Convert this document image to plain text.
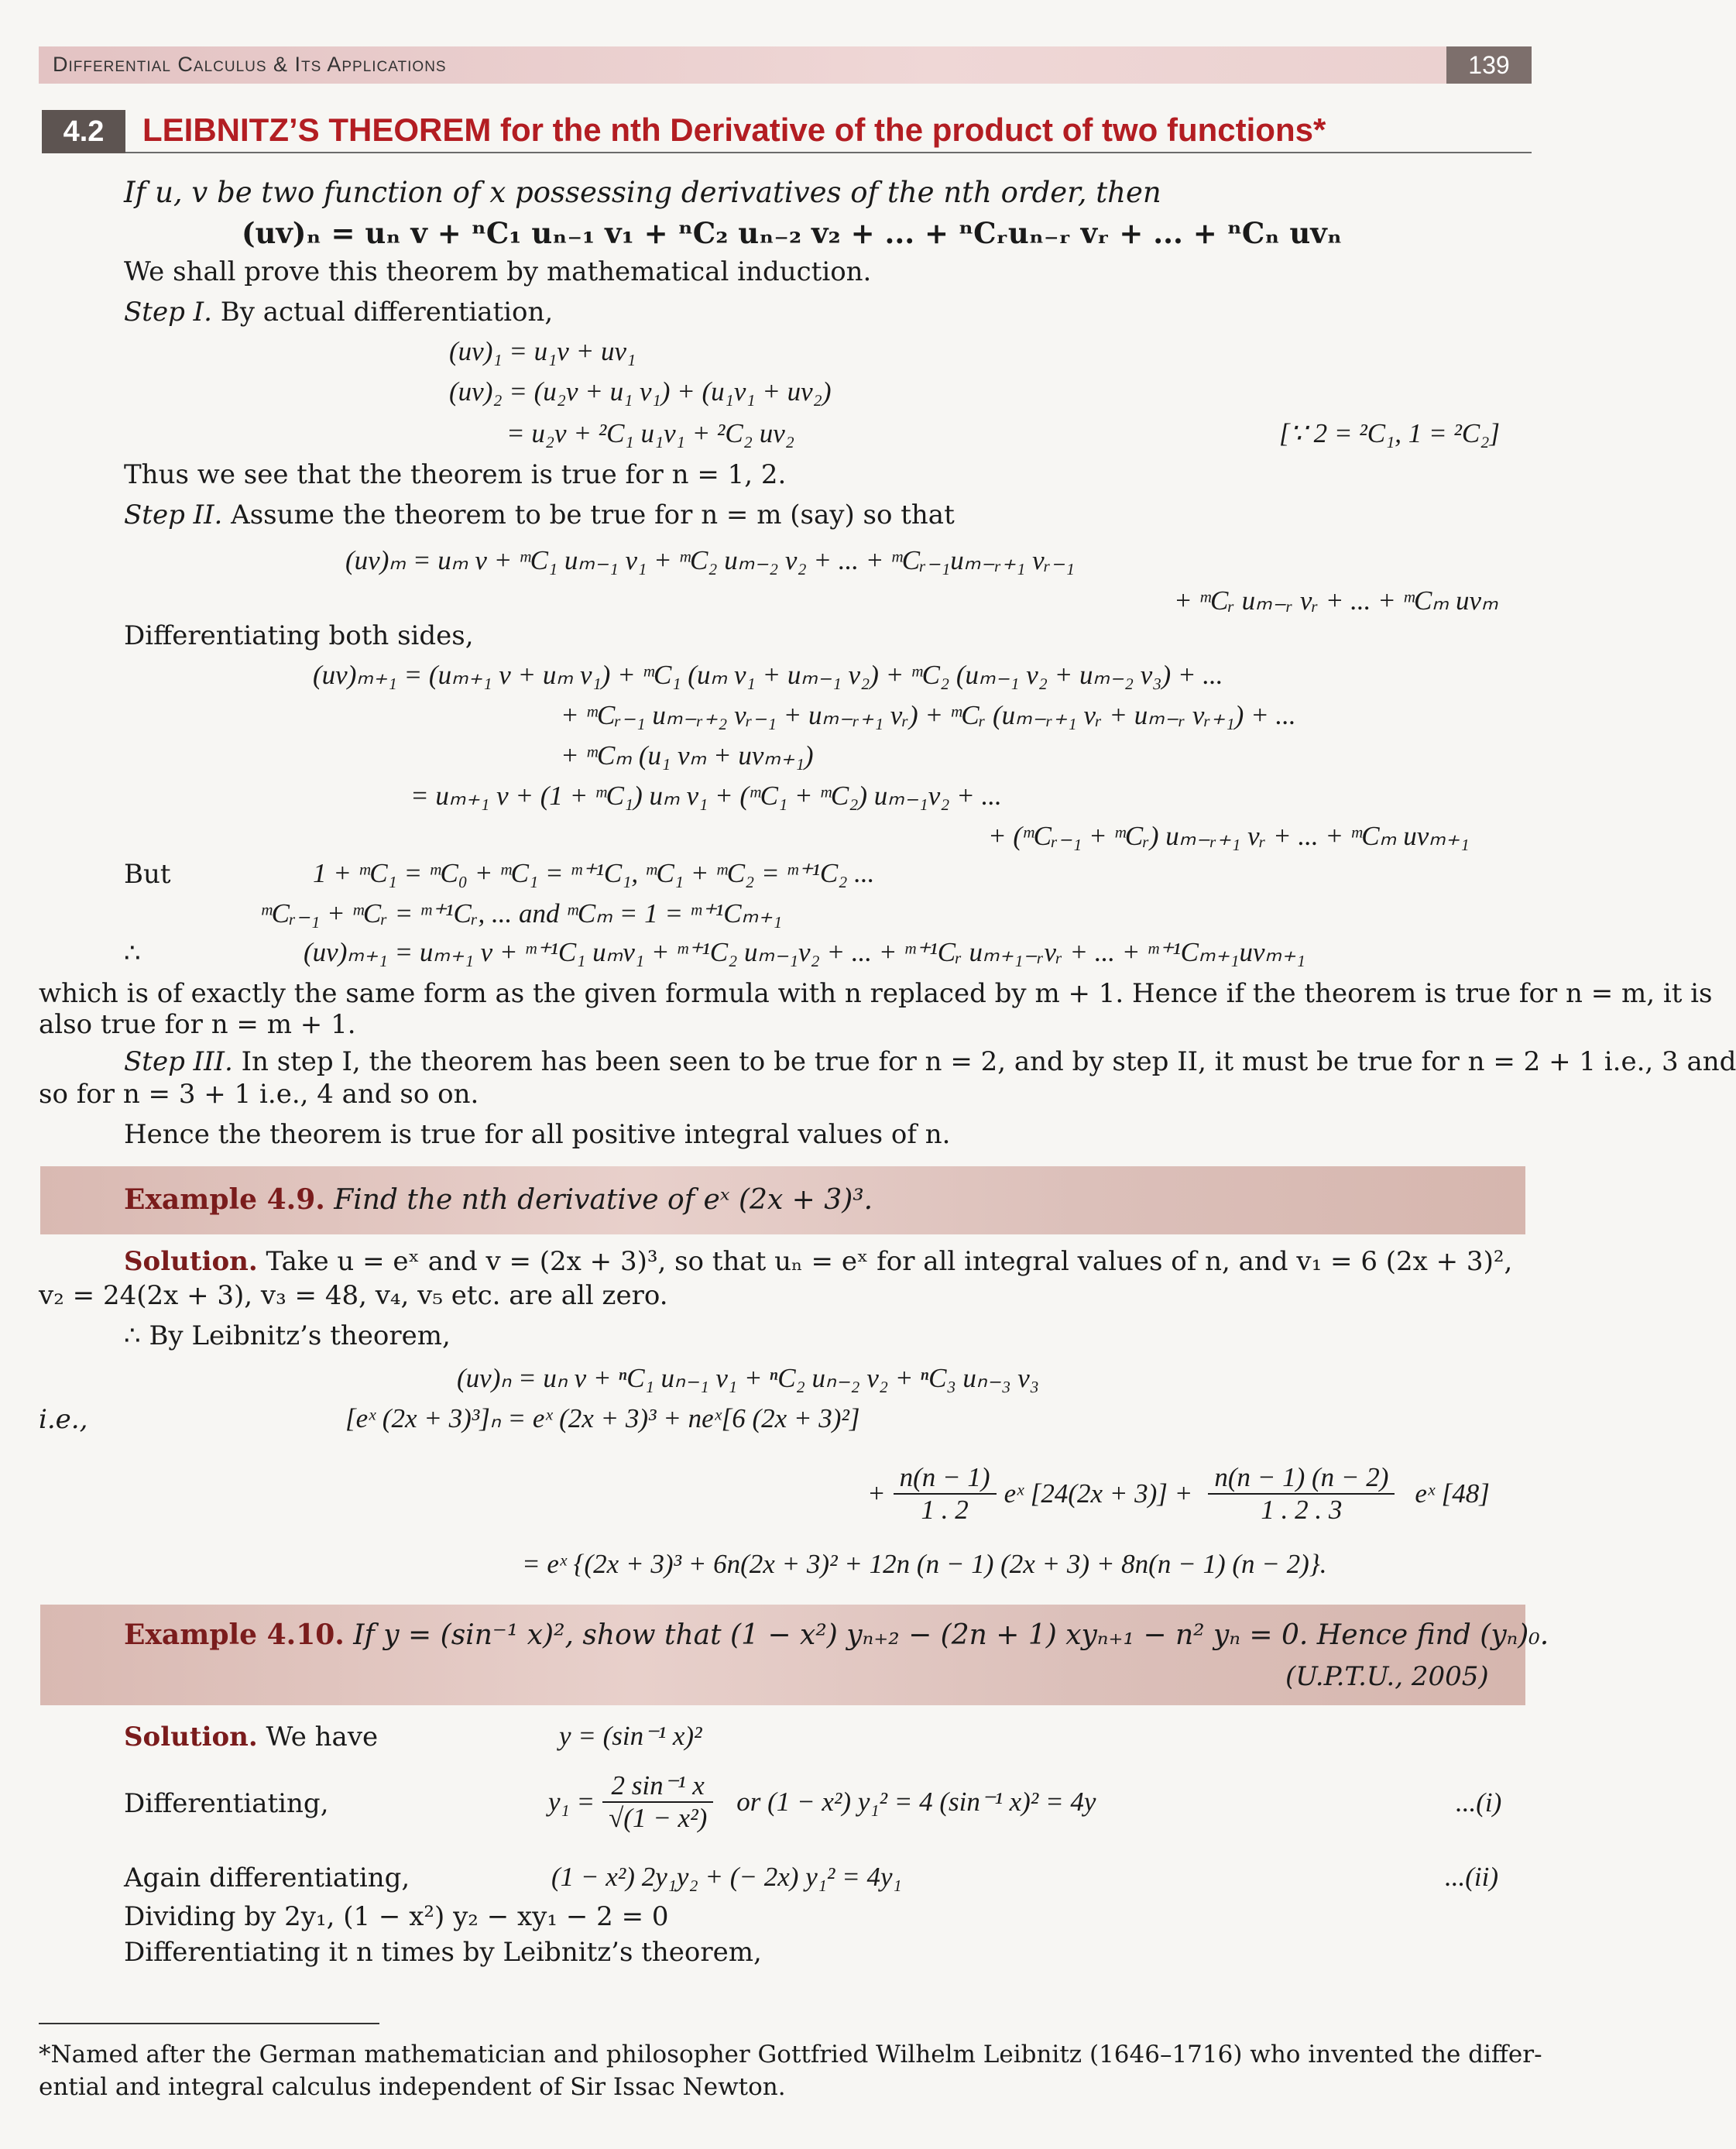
Differential Calculus & Its Applications	139
4.2	LEIBNITZ’S THEOREM for the nth Derivative of the product of two functions*
If u, v be two function of x possessing derivatives of the nth order, then
(uv)ₙ = uₙ v + ⁿC₁ uₙ₋₁ v₁ + ⁿC₂ uₙ₋₂ v₂ + ... + ⁿCᵣuₙ₋ᵣ vᵣ + ... + ⁿCₙ uvₙ
We shall prove this theorem by mathematical induction.
Step I. By actual differentiation,
(uv)₁ = u₁v + uv₁
(uv)₂ = (u₂v + u₁ v₁) + (u₁v₁ + uv₂)
= u₂v + ²C₁ u₁v₁ + ²C₂ uv₂	[∵ 2 = ²C₁, 1 = ²C₂]
Thus we see that the theorem is true for n = 1, 2.
Step II. Assume the theorem to be true for n = m (say) so that
(uv)ₘ = uₘ v + ᵐC₁ uₘ₋₁ v₁ + ᵐC₂ uₘ₋₂ v₂ + ... + ᵐCᵣ₋₁uₘ₋ᵣ₊₁ vᵣ₋₁
+ ᵐCᵣ uₘ₋ᵣ vᵣ + ... + ᵐCₘ uvₘ
Differentiating both sides,
(uv)ₘ₊₁ = (uₘ₊₁ v + uₘ v₁) + ᵐC₁ (uₘ v₁ + uₘ₋₁ v₂) + ᵐC₂ (uₘ₋₁ v₂ + uₘ₋₂ v₃) + ...
+ ᵐCᵣ₋₁ uₘ₋ᵣ₊₂ vᵣ₋₁ + uₘ₋ᵣ₊₁ vᵣ) + ᵐCᵣ (uₘ₋ᵣ₊₁ vᵣ + uₘ₋ᵣ vᵣ₊₁) + ...
+ ᵐCₘ (u₁ vₘ + uvₘ₊₁)
= uₘ₊₁ v + (1 + ᵐC₁) uₘ v₁ + (ᵐC₁ + ᵐC₂) uₘ₋₁v₂ + ...
+ (ᵐCᵣ₋₁ + ᵐCᵣ) uₘ₋ᵣ₊₁ vᵣ + ... + ᵐCₘ uvₘ₊₁
But	1 + ᵐC₁ = ᵐC₀ + ᵐC₁ = ᵐ⁺¹C₁, ᵐC₁ + ᵐC₂ = ᵐ⁺¹C₂ ...
ᵐCᵣ₋₁ + ᵐCᵣ = ᵐ⁺¹Cᵣ, ... and ᵐCₘ = 1 = ᵐ⁺¹Cₘ₊₁
∴	(uv)ₘ₊₁ = uₘ₊₁ v + ᵐ⁺¹C₁ uₘv₁ + ᵐ⁺¹C₂ uₘ₋₁v₂ + ... + ᵐ⁺¹Cᵣ uₘ₊₁₋ᵣvᵣ + ... + ᵐ⁺¹Cₘ₊₁uvₘ₊₁
which is of exactly the same form as the given formula with n replaced by m + 1. Hence if the theorem is true for n = m, it is
also true for n = m + 1.
Step III. In step I, the theorem has been seen to be true for n = 2, and by step II, it must be true for n = 2 + 1 i.e., 3 and
so for n = 3 + 1 i.e., 4 and so on.
Hence the theorem is true for all positive integral values of n.
Example 4.9. Find the nth derivative of eˣ (2x + 3)³.
Solution. Take u = eˣ and v = (2x + 3)³, so that uₙ = eˣ for all integral values of n, and v₁ = 6 (2x + 3)²,
v₂ = 24(2x + 3), v₃ = 48, v₄, v₅ etc. are all zero.
∴ By Leibnitz’s theorem,
(uv)ₙ = uₙ v + ⁿC₁ uₙ₋₁ v₁ + ⁿC₂ uₙ₋₂ v₂ + ⁿC₃ uₙ₋₃ v₃
i.e.,	[eˣ (2x + 3)³]ₙ = eˣ (2x + 3)³ + neˣ[6 (2x + 3)²]
+ $\frac{n(n - 1)}{1 . 2}$ eˣ $[24(2x + 3)] + \frac{n(n - 1) (n - 2)}{1 . 2 . 3}$ eˣ [48]
= eˣ {(2x + 3)³ + 6n(2x + 3)² + 12n (n − 1) (2x + 3) + 8n(n − 1) (n − 2)}.
Example 4.10. If y = (sin⁻¹ x)², show that (1 − x²) yₙ₊₂ − (2n + 1) xyₙ₊₁ − n² yₙ = 0. Hence find (yₙ)₀.
(U.P.T.U., 2005)
Solution. We have	y = (sin⁻¹ x)²
Differentiating,	$y_1 = \frac{\text{2 sin⁻¹ x}}{\text{√(1 − x²)}}$ or (1 − x²) y₁² = 4 (sin⁻¹ x)² = 4y	...(i)
Again differentiating,	(1 − x²) 2y₁y₂ + (− 2x) y₁² = 4y₁	...(ii)
Dividing by 2y₁, (1 − x²) y₂ − xy₁ − 2 = 0
Differentiating it n times by Leibnitz’s theorem,
*Named after the German mathematician and philosopher Gottfried Wilhelm Leibnitz (1646–1716) who invented the differ-
ential and integral calculus independent of Sir Issac Newton.
